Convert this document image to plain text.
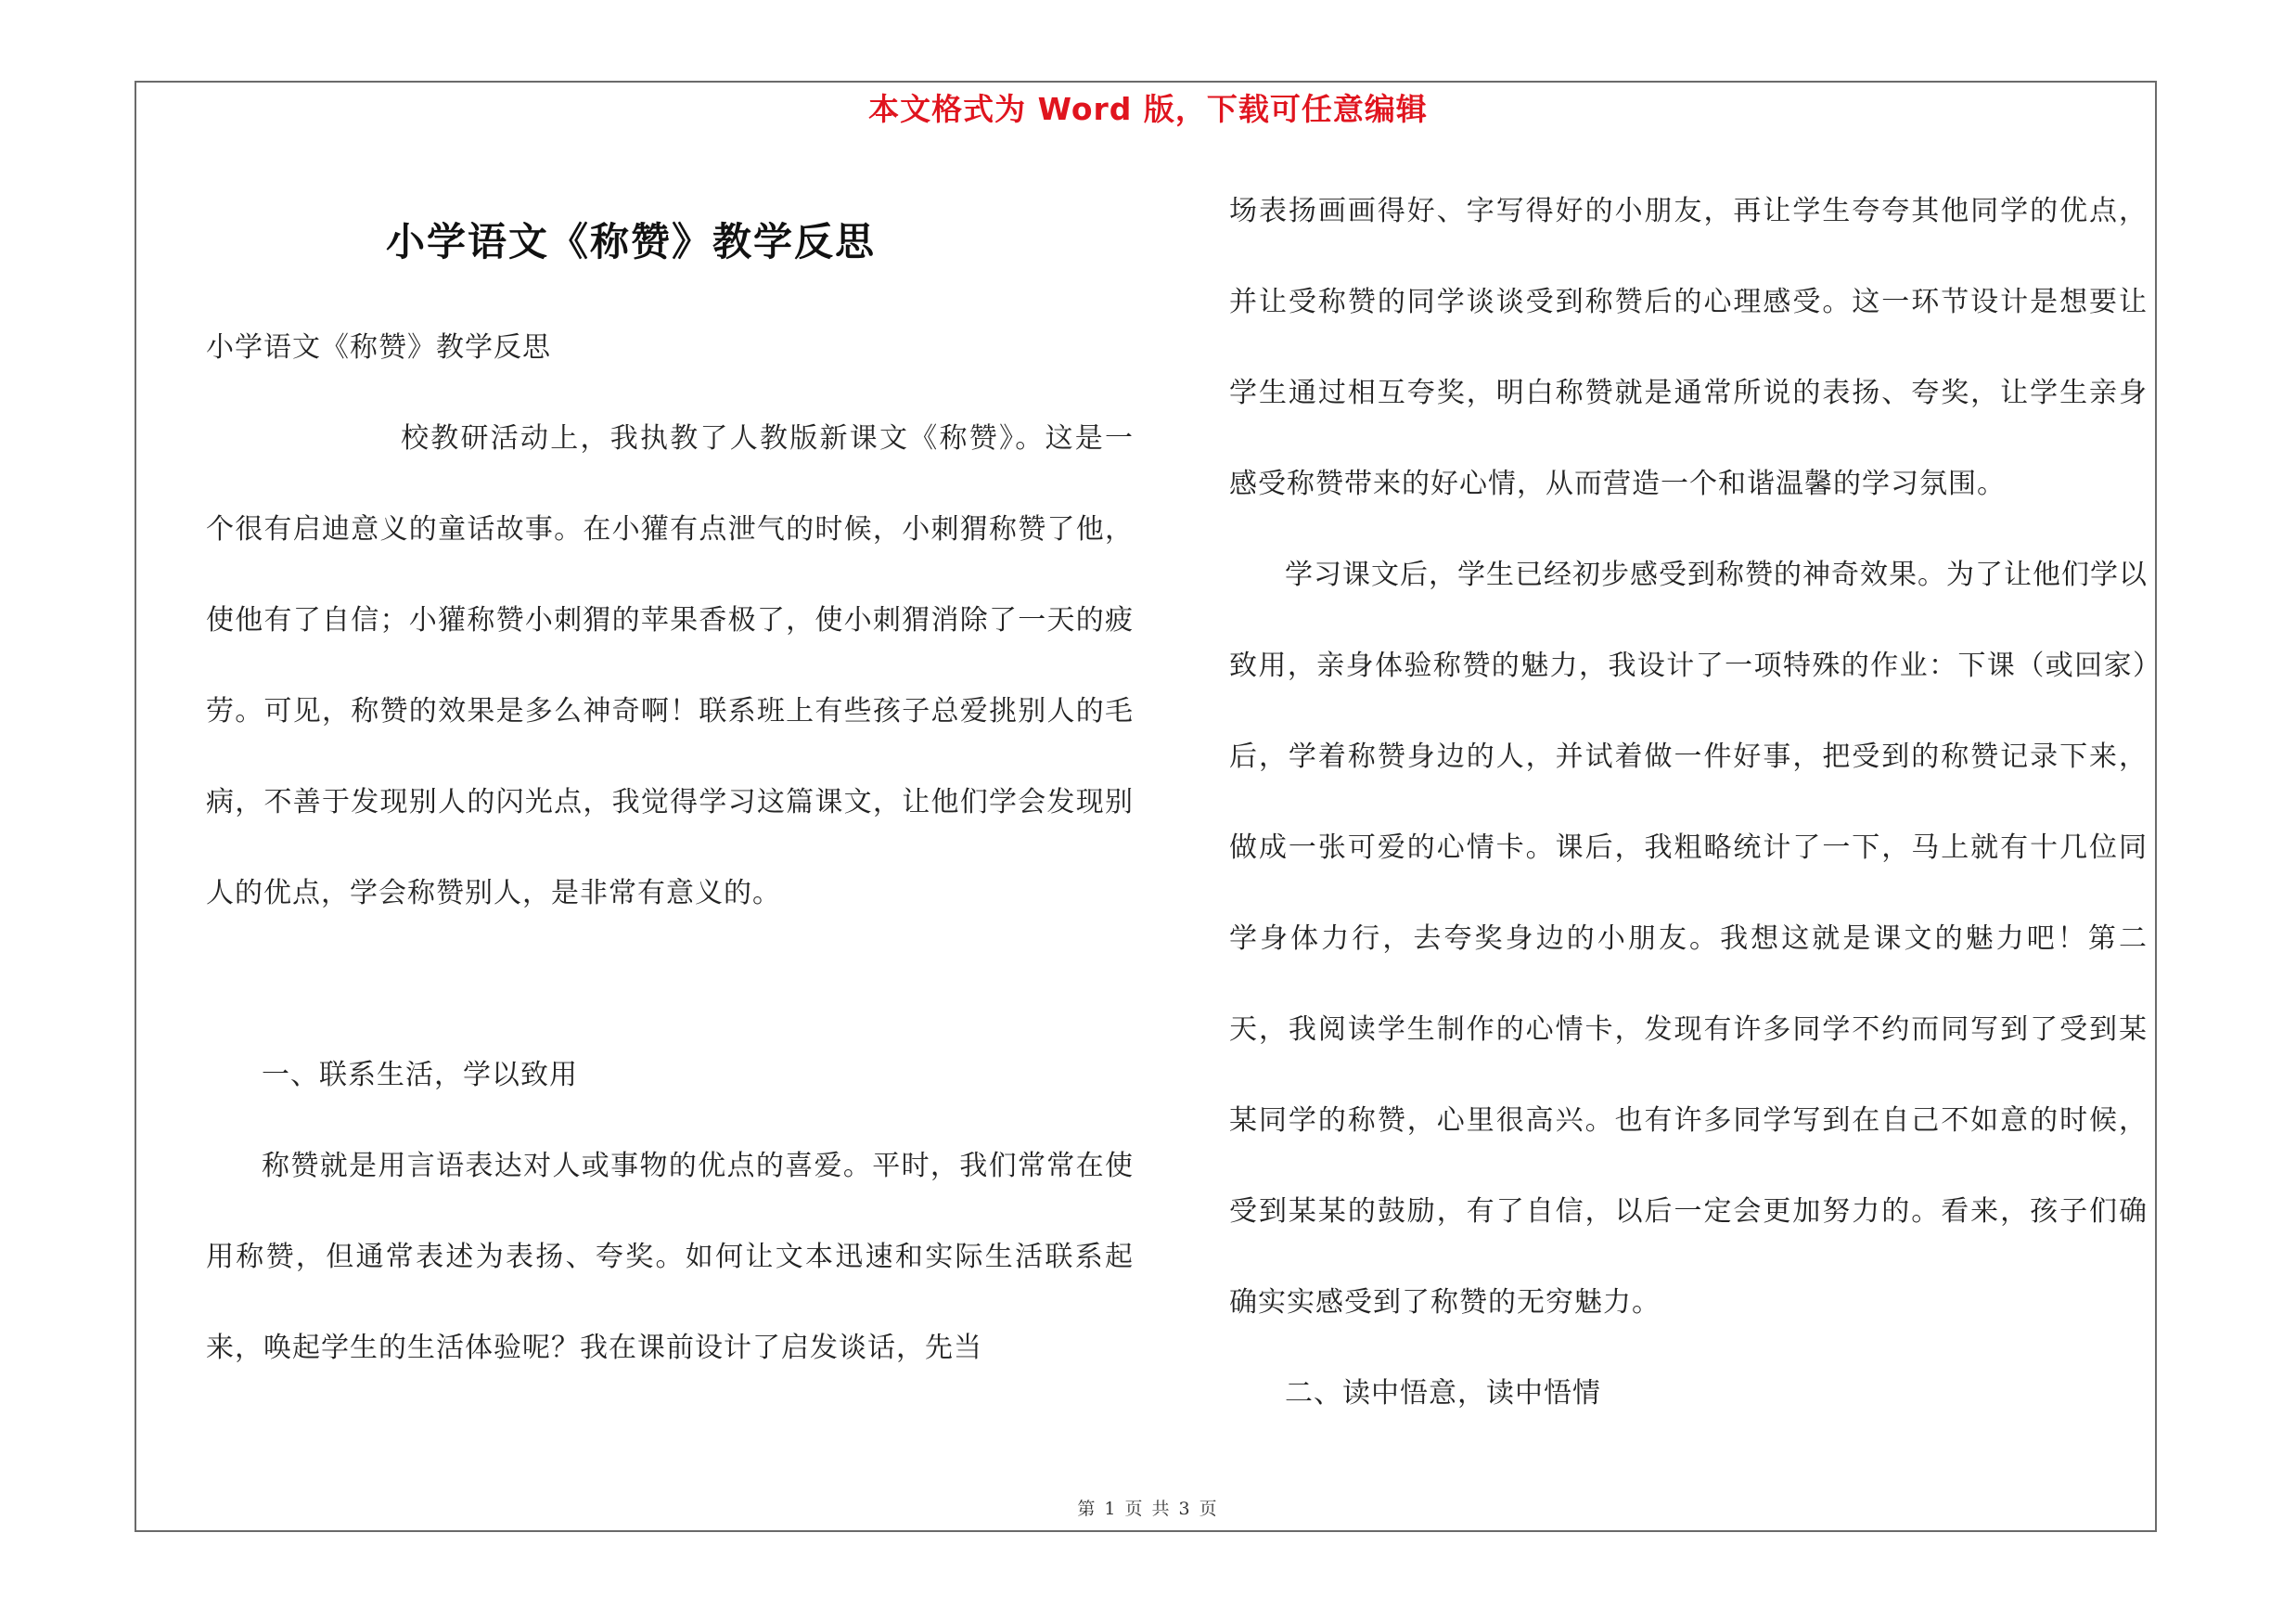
本文格式为 Word 版，下载可任意编辑
小学语文《称赞》教学反思

小学语文《称赞》教学反思

校教研活动上，我执教了人教版新课文《称赞》。这是一个很有启迪意义的童话故事。在小獾有点泄气的时候，小刺猬称赞了他，使他有了自信；小獾称赞小刺猬的苹果香极了，使小刺猬消除了一天的疲劳。可见，称赞的效果是多么神奇啊！联系班上有些孩子总爱挑别人的毛病，不善于发现别人的闪光点，我觉得学习这篇课文，让他们学会发现别人的优点，学会称赞别人，是非常有意义的。

一、联系生活，学以致用

称赞就是用言语表达对人或事物的优点的喜爱。平时，我们常常在使用称赞，但通常表述为表扬、夸奖。如何让文本迅速和实际生活联系起来，唤起学生的生活体验呢？我在课前设计了启发谈话，先当

场表扬画画得好、字写得好的小朋友，再让学生夸夸其他同学的优点，并让受称赞的同学谈谈受到称赞后的心理感受。这一环节设计是想要让学生通过相互夸奖，明白称赞就是通常所说的表扬、夸奖，让学生亲身感受称赞带来的好心情，从而营造一个和谐温馨的学习氛围。

学习课文后，学生已经初步感受到称赞的神奇效果。为了让他们学以致用，亲身体验称赞的魅力，我设计了一项特殊的作业：下课（或回家）后，学着称赞身边的人，并试着做一件好事，把受到的称赞记录下来，做成一张可爱的心情卡。课后，我粗略统计了一下，马上就有十几位同学身体力行，去夸奖身边的小朋友。我想这就是课文的魅力吧！第二天，我阅读学生制作的心情卡，发现有许多同学不约而同写到了受到某某同学的称赞，心里很高兴。也有许多同学写到在自己不如意的时候，受到某某的鼓励，有了自信，以后一定会更加努力的。看来，孩子们确确实实感受到了称赞的无穷魅力。

二、读中悟意，读中悟情

第 1 页 共 3 页
